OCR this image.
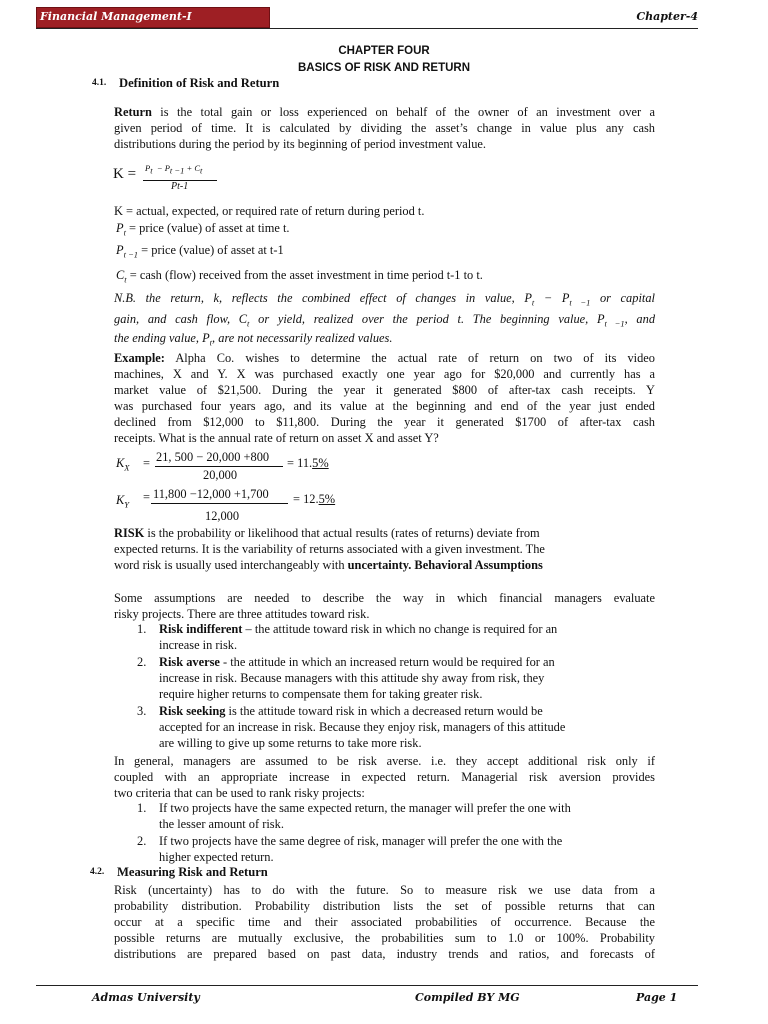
Financial Management-I	Chapter-4
CHAPTER FOUR
BASICS OF RISK AND RETURN
4.1. Definition of Risk and Return
Return is the total gain or loss experienced on behalf of the owner of an investment over a
given period of time. It is calculated by dividing the asset’s change in value plus any cash
distributions during the period by its beginning of period investment value.
$K = P_t - P_{t -1} + C_t$
Pt-1
K = actual, expected, or required rate of return during period t.
$P_t$ = price (value) of asset at time t.
$P_{t -1}$ = price (value) of asset at t-1
$C_t$ = cash (flow) received from the asset investment in time period t-1 to t.
N.B. the return, k, reflects the combined effect of changes in value, $P_t - P_{t -1}$ or capital
gain, and cash flow, $C_t$ or yield, realized over the period t. The beginning value, $P_{t -1}$, and
the ending value, $P_t$, are not necessarily realized values.
Example: Alpha Co. wishes to determine the actual rate of return on two of its video
machines, X and Y. X was purchased exactly one year ago for $20,000 and currently has a
market value of $21,500. During the year it generated $800 of after-tax cash receipts. Y
was purchased four years ago, and its value at the beginning and end of the year just ended
declined from $12,000 to $11,800. During the year it generated $1700 of after-tax cash
receipts. What is the annual rate of return on asset X and asset Y?
$K_X = 21$, 500 − 20,000 +800
20,000
= 11.5%
$K_Y$
= 11,800 −12,000 +1,700
12,000
= 12.5%
RISK is the probability or likelihood that actual results (rates of returns) deviate from
expected returns. It is the variability of returns associated with a given investment. The
word risk is usually used interchangeably with uncertainty. Behavioral Assumptions
Some assumptions are needed to describe the way in which financial managers evaluate
risky projects. There are three attitudes toward risk.
1. Risk indifferent – the attitude toward risk in which no change is required for an
increase in risk.
2. Risk averse - the attitude in which an increased return would be required for an
increase in risk. Because managers with this attitude shy away from risk, they
require higher returns to compensate them for taking greater risk.
3. Risk seeking is the attitude toward risk in which a decreased return would be
accepted for an increase in risk. Because they enjoy risk, managers of this attitude
are willing to give up some returns to take more risk.
In general, managers are assumed to be risk averse. i.e. they accept additional risk only if
coupled with an appropriate increase in expected return. Managerial risk aversion provides
two criteria that can be used to rank risky projects:
1. If two projects have the same expected return, the manager will prefer the one with
the lesser amount of risk.
2. If two projects have the same degree of risk, manager will prefer the one with the
higher expected return.
4.2. Measuring Risk and Return
Risk (uncertainty) has to do with the future. So to measure risk we use data from a
probability distribution. Probability distribution lists the set of possible returns that can
occur at a specific time and their associated probabilities of occurrence. Because the
possible returns are mutually exclusive, the probabilities sum to 1.0 or 100%. Probability
distributions are prepared based on past data, industry trends and ratios, and forecasts of
Admas University	Compiled BY MG	Page 1
